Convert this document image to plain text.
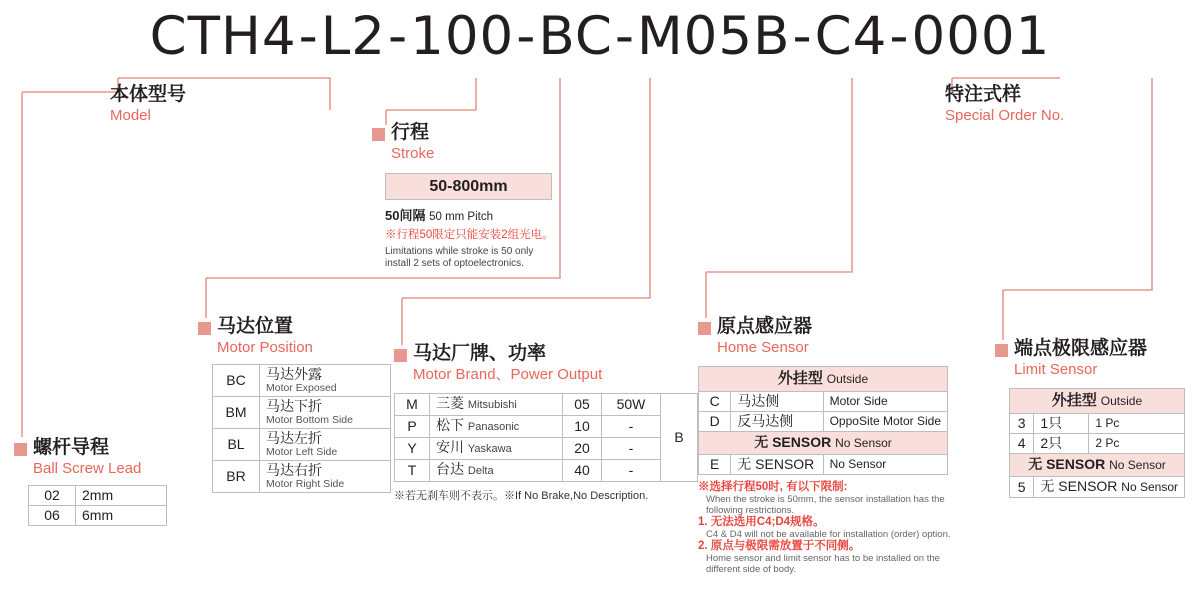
CTH4-L2-100-BC-M05B-C4-0001
本体型号
Model
特注式样
Special Order No.
行程
Stroke
50-800mm
50间隔 50 mm Pitch
※行程50限定只能安装2组光电。
Limitations while stroke is 50 only install 2 sets of optoelectronics.
螺杆导程
Ball Screw Lead
02	2mm
06	6mm
马达位置
Motor Position
BC	马达外露
Motor Exposed

BM	马达下折
Motor Bottom Side

BL	马达左折
Motor Left Side

BR	马达右折
Motor Right Side
马达厂牌、功率
Motor Brand、Power Output
M	三菱 Mitsubishi	05	50W	B
P	松下 Panasonic	10	-	
Y	安川 Yaskawa	20	-	
T	台达 Delta	40	-	
※若无刹车则不表示。※If No Brake,No Description.
原点感应器
Home Sensor
外挂型 Outside		
C	马达侧	Motor Side
D	反马达侧	OppoSite Motor Side
无 SENSOR No Sensor		
E	无 SENSOR	No Sensor
※选择行程50时, 有以下限制:
When the stroke is 50mm, the sensor installation has the following restrictions.
1. 无法选用C4;D4规格。
C4 & D4 will not be available for installation (order) option.
2. 原点与极限需放置于不同侧。
Home sensor and limit sensor has to be installed on the different side of body.
端点极限感应器
Limit Sensor
外挂型 Outside		
3	1只	1 Pc
4	2只	2 Pc
无 SENSOR No Sensor		
5	无 SENSOR No Sensor	
